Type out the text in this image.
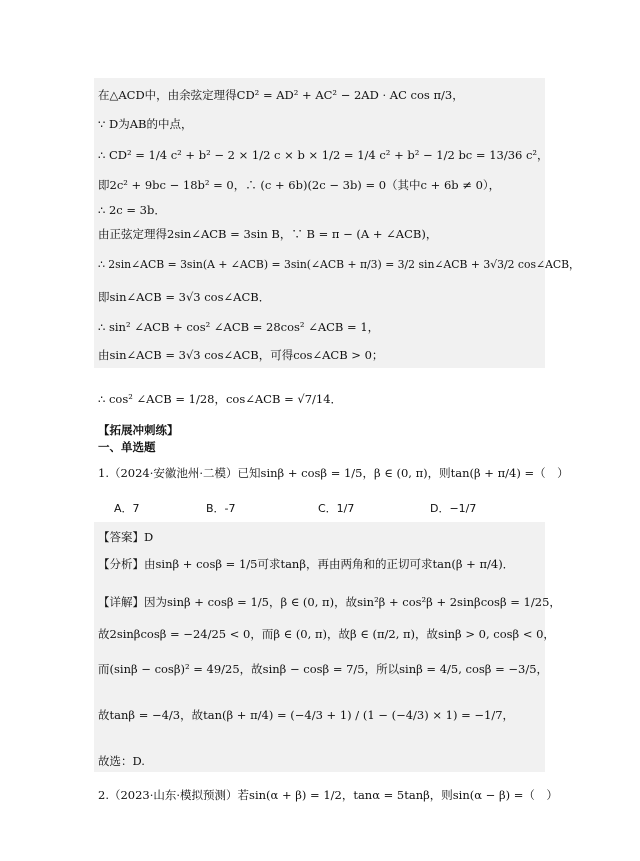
在△ACD中，由余弦定理得CD² = AD² + AC² − 2AD · AC cos π/3，
∵ D为AB的中点，
∴ CD² = 1/4 c² + b² − 2 × 1/2 c × b × 1/2 = 1/4 c² + b² − 1/2 bc = 13/36 c²，
即2c² + 9bc − 18b² = 0，∴ (c + 6b)(2c − 3b) = 0（其中c + 6b ≠ 0），
∴ 2c = 3b．
由正弦定理得2sin∠ACB = 3sin B，∵ B = π − (A + ∠ACB)，
∴ 2sin∠ACB = 3sin(A + ∠ACB) = 3sin(∠ACB + π/3) = 3/2 sin∠ACB + 3√3/2 cos∠ACB，
即sin∠ACB = 3√3 cos∠ACB．
∴ sin² ∠ACB + cos² ∠ACB = 28cos² ∠ACB = 1，
由sin∠ACB = 3√3 cos∠ACB，可得cos∠ACB > 0；
∴ cos² ∠ACB = 1/28，cos∠ACB = √7/14．
【拓展冲刺练】
一、单选题
1.（2024·安徽池州·二模）已知sinβ + cosβ = 1/5，β ∈ (0, π)，则tan(β + π/4) =（　）
A．7	B．-7	C．1/7	D．−1/7
【答案】D
【分析】由sinβ + cosβ = 1/5可求tanβ，再由两角和的正切可求tan(β + π/4)．
【详解】因为sinβ + cosβ = 1/5，β ∈ (0, π)，故sin²β + cos²β + 2sinβcosβ = 1/25，
故2sinβcosβ = −24/25 < 0，而β ∈ (0, π)，故β ∈ (π/2, π)，故sinβ > 0, cosβ < 0，
而(sinβ − cosβ)² = 49/25，故sinβ − cosβ = 7/5，所以sinβ = 4/5, cosβ = −3/5，
故tanβ = −4/3，故tan(β + π/4) = (−4/3 + 1) / (1 − (−4/3) × 1) = −1/7，
故选：D.
2.（2023·山东·模拟预测）若sin(α + β) = 1/2，tanα = 5tanβ，则sin(α − β) =（　）
